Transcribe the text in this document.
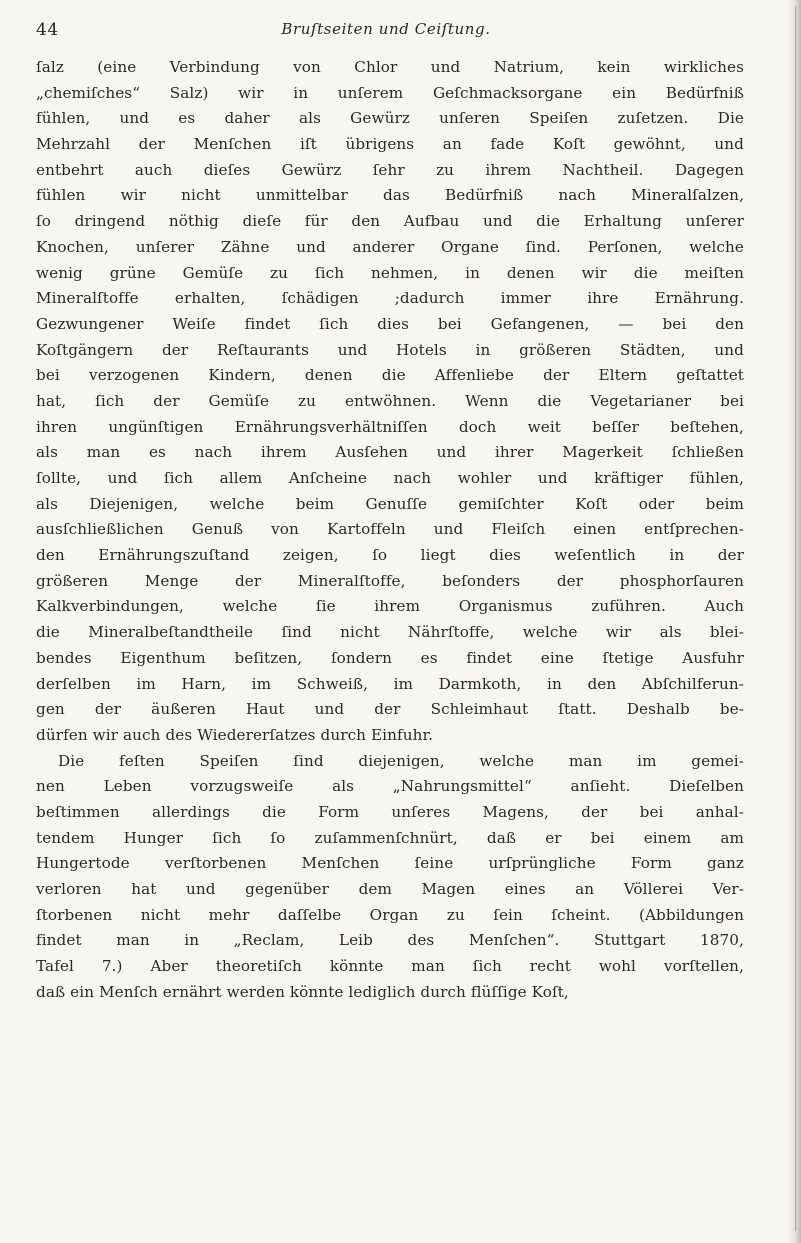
44	Bruſtseiten und Ceiſtung.
ſalz (eine Verbindung von Chlor und Natrium, kein wirkliches
„chemiſches“ Salz) wir in unſerem Geſchmacksorgane ein Bedürfniß
fühlen, und es daher als Gewürz unſeren Speiſen zuſetzen. Die
Mehrzahl der Menſchen iſt übrigens an fade Koſt gewöhnt, und
entbehrt auch dieſes Gewürz ſehr zu ihrem Nachtheil. Dagegen
fühlen wir nicht unmittelbar das Bedürfniß nach Mineralſalzen,
ſo dringend nöthig dieſe für den Aufbau und die Erhaltung unſerer
Knochen, unſerer Zähne und anderer Organe ſind. Perſonen, welche
wenig grüne Gemüſe zu ſich nehmen, in denen wir die meiſten
Mineralſtoffe erhalten, ſchädigen ;dadurch immer ihre Ernährung.
Gezwungener Weiſe findet ſich dies bei Gefangenen, — bei den
Koſtgängern der Reſtaurants und Hotels in größeren Städten, und
bei verzogenen Kindern, denen die Affenliebe der Eltern geſtattet
hat, ſich der Gemüſe zu entwöhnen. Wenn die Vegetarianer bei
ihren ungünſtigen Ernährungsverhältniſſen doch weit beſſer beſtehen,
als man es nach ihrem Ausſehen und ihrer Magerkeit ſchließen
ſollte, und ſich allem Anſcheine nach wohler und kräftiger fühlen,
als Diejenigen, welche beim Genuſſe gemiſchter Koſt oder beim
ausſchließlichen Genuß von Kartoffeln und Fleiſch einen entſprechen-
den Ernährungszuſtand zeigen, ſo liegt dies weſentlich in der
größeren Menge der Mineralſtoffe, beſonders der phosphorſauren
Kalkverbindungen, welche ſie ihrem Organismus zuführen. Auch
die Mineralbeſtandtheile ſind nicht Nährſtoffe, welche wir als blei-
bendes Eigenthum beſitzen, ſondern es findet eine ſtetige Ausfuhr
derſelben im Harn, im Schweiß, im Darmkoth, in den Abſchilferun-
gen der äußeren Haut und der Schleimhaut ſtatt. Deshalb be-
dürfen wir auch des Wiedererſatzes durch Einfuhr.
Die feſten Speiſen ſind diejenigen, welche man im gemei-
nen Leben vorzugsweiſe als „Nahrungsmittel“ anſieht. Dieſelben
beſtimmen allerdings die Form unſeres Magens, der bei anhal-
tendem Hunger ſich ſo zuſammenſchnürt, daß er bei einem am
Hungertode verſtorbenen Menſchen ſeine urſprüngliche Form ganz
verloren hat und gegenüber dem Magen eines an Völlerei Ver-
ſtorbenen nicht mehr daſſelbe Organ zu ſein ſcheint. (Abbildungen
findet man in „Reclam, Leib des Menſchen“. Stuttgart 1870,
Tafel 7.) Aber theoretiſch könnte man ſich recht wohl vorſtellen,
daß ein Menſch ernährt werden könnte lediglich durch flüſſige Koſt,
